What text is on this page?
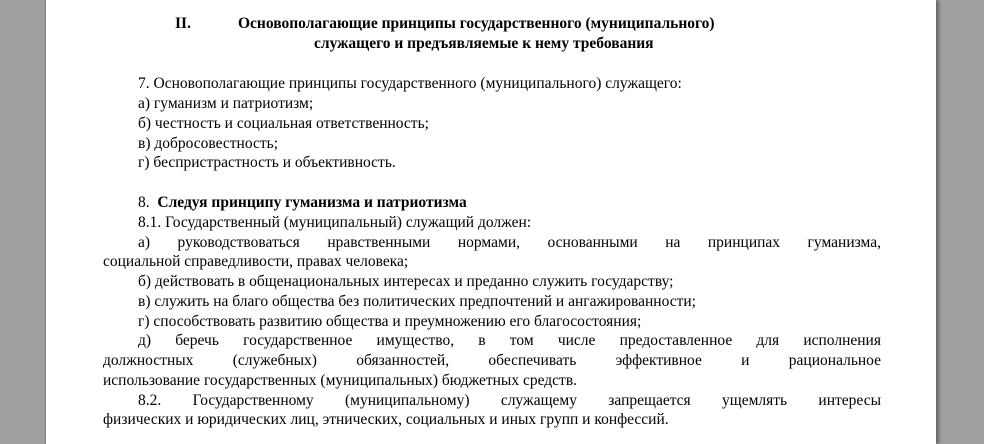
II.	Основополагающие принципы государственного (муниципального)
служащего и предъявляемые к нему требования
7. Основополагающие принципы государственного (муниципального) служащего:
а) гуманизм и патриотизм;
б) честность и социальная ответственность;
в) добросовестность;
г) беспристрастность и объективность.
8. Следуя принципу гуманизма и патриотизма
8.1. Государственный (муниципальный) служащий должен:
а) руководствоваться нравственными нормами, основанными на принципах гуманизма,
социальной справедливости, правах человека;
б) действовать в общенациональных интересах и преданно служить государству;
в) служить на благо общества без политических предпочтений и ангажированности;
г) способствовать развитию общества и преумножению его благосостояния;
д) беречь государственное имущество, в том числе предоставленное для исполнения
должностных (служебных) обязанностей, обеспечивать эффективное и рациональное
использование государственных (муниципальных) бюджетных средств.
8.2. Государственному (муниципальному) служащему запрещается ущемлять интересы
физических и юридических лиц, этнических, социальных и иных групп и конфессий.
